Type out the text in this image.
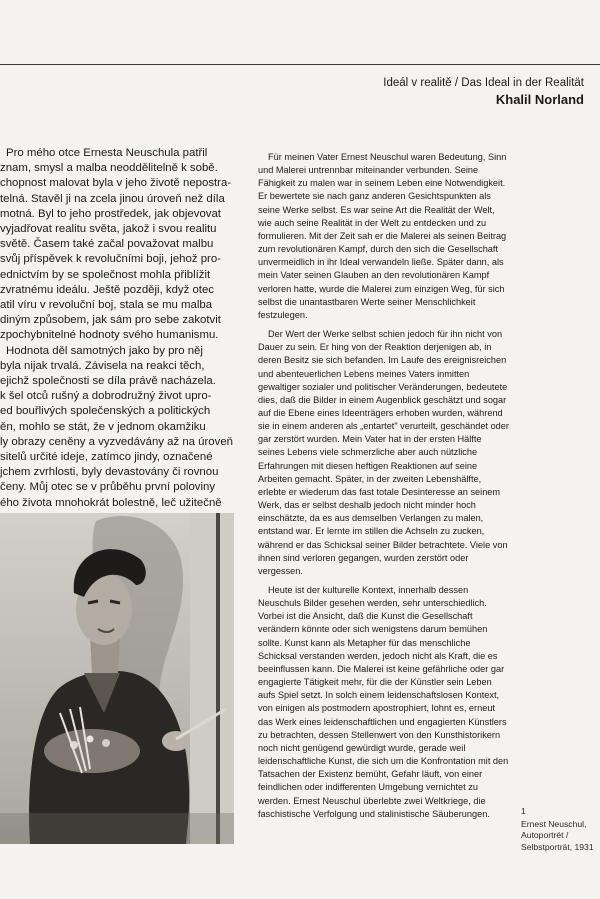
Ideál v realitě / Das Ideal in der Realität
Khalil Norland
Pro mého otce Ernesta Neuschula patřil
znam, smysl a malba neoddělitelně k sobě.
chopnost malovat byla v jeho životě nepostra-
telná. Stavěl ji na zcela jinou úroveň než díla
motná. Byl to jeho prostředek, jak objevovat
vyjadřovat realitu světa, jakož i svou realitu
světě. Časem také začal považovat malbu
svůj příspěvek k revolučními boji, jehož pro-
ednictvím by se společnost mohla přiblížit
zvratnému ideálu. Ještě později, když otec
atil víru v revoluční boj, stala se mu malba
diným způsobem, jak sám pro sebe zakotvit
zpochybnitelné hodnoty svého humanismu.
Hodnota děl samotných jako by pro něj
byla nijak trvalá. Závisela na reakci těch,
ejichž společnosti se díla právě nacházela.
k šel otců rušný a dobrodružný život upro-
ed bouřlivých společenských a politických
ěn, mohlo se stát, že v jednom okamžiku
ly obrazy ceněny a vyzvedávány až na úroveň
sitelů určité ideje, zatímco jindy, označené
jchem zvrhlosti, byly devastovány či rovnou
čeny. Můj otec se v průběhu první poloviny
ého života mnohokrát bolestně, leč užitečně

Für meinen Vater Ernest Neuschul waren Bedeutung, Sinn und Malerei untrennbar miteinander verbunden. Seine Fähigkeit zu malen war in seinem Leben eine Notwendigkeit. Er bewertete sie nach ganz anderen Gesichtspunkten als seine Werke selbst. Es war seine Art die Realität der Welt, wie auch seine Realität in der Welt zu entdecken und zu formulieren. Mit der Zeit sah er die Malerei als seinen Beitrag zum revolutionären Kampf, durch den sich die Gesellschaft unvermeidlich in ihr Ideal verwandeln ließe. Später dann, als mein Vater seinen Glauben an den revolutionären Kampf verloren hatte, wurde die Malerei zum einzigen Weg, für sich selbst die unantastbaren Werte seiner Menschlichkeit festzulegen.

Der Wert der Werke selbst schien jedoch für ihn nicht von Dauer zu sein. Er hing von der Reaktion derjenigen ab, in deren Besitz sie sich befanden. Im Laufe des ereignisreichen und abenteuerlichen Lebens meines Vaters inmitten gewaltiger sozialer und politischer Veränderungen, bedeutete dies, daß die Bilder in einem Augenblick geschätzt und sogar auf die Ebene eines Ideenträgers erhoben wurden, während sie in einem anderen als „entartet" verurteilt, geschändet oder gar zerstört wurden. Mein Vater hat in der ersten Hälfte seines Lebens viele schmerzliche aber auch nützliche Erfahrungen mit diesen heftigen Reaktionen auf seine Arbeiten gemacht. Später, in der zweiten Lebenshälfte, erlebte er wiederum das fast totale Desinteresse an seinem Werk, das er selbst deshalb jedoch nicht minder hoch einschätzte, da es aus demselben Verlangen zu malen, entstand war. Er lernte im stillen die Achseln zu zucken, während er das Schicksal seiner Bilder betrachtete. Viele von ihnen sind verloren gegangen, wurden zerstört oder vergessen.

Heute ist der kulturelle Kontext, innerhalb dessen Neuschuls Bilder gesehen werden, sehr unterschiedlich. Vorbei ist die Ansicht, daß die Kunst die Gesellschaft verändern könnte oder sich wenigstens darum bemühen sollte. Kunst kann als Metapher für das menschliche Schicksal verstanden werden, jedoch nicht als Kraft, die es beeinflussen kann. Die Malerei ist keine gefährliche oder gar engagierte Tätigkeit mehr, für die der Künstler sein Leben aufs Spiel setzt. In solch einem leidenschaftslosen Kontext, von einigen als postmodern apostrophiert, lohnt es, erneut das Werk eines leidenschaftlichen und engagierten Künstlers zu betrachten, dessen Stellenwert von den Kunsthistorikern noch nicht genügend gewürdigt wurde, gerade weil leidenschaftliche Kunst, die sich um die Konfrontation mit den Tatsachen der Existenz bemüht, Gefahr läuft, von einer feindlichen oder indifferenten Umgebung vernichtet zu werden. Ernest Neuschul überlebte zwei Weltkriege, die faschistische Verfolgung und stalinistische Säuberungen.	1
Ernest Neuschul,
Autoportrét /
Selbstporträt, 1931
